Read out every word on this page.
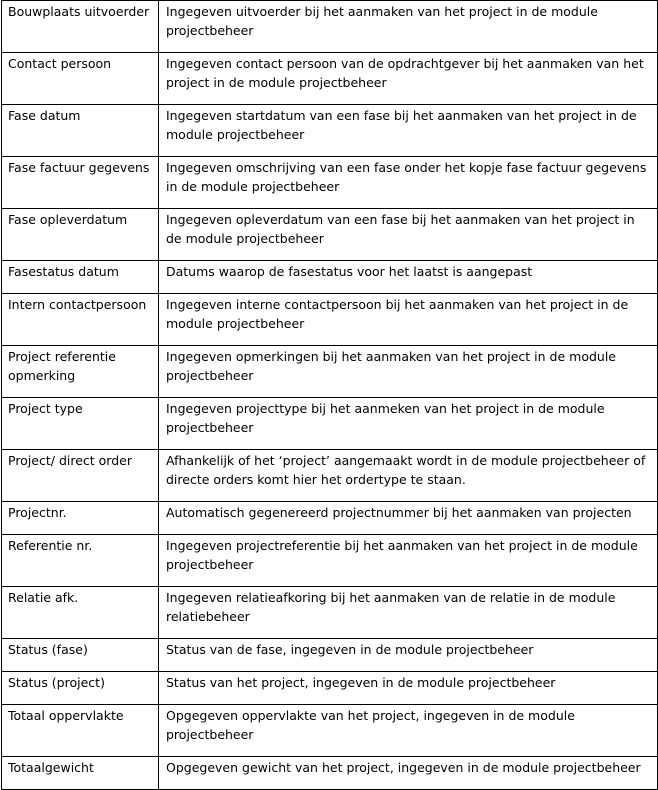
Bouwplaats uitvoerder	Ingegeven uitvoerder bij het aanmaken van het project in de module projectbeheer
Contact persoon	Ingegeven contact persoon van de opdrachtgever bij het aanmaken van het project in de module projectbeheer
Fase datum	Ingegeven startdatum van een fase bij het aanmaken van het project in de module projectbeheer
Fase factuur gegevens	Ingegeven omschrijving van een fase onder het kopje fase factuur gegevens in de module projectbeheer
Fase opleverdatum	Ingegeven opleverdatum van een fase bij het aanmaken van het project in de module projectbeheer
Fasestatus datum	Datums waarop de fasestatus voor het laatst is aangepast
Intern contactpersoon	Ingegeven interne contactpersoon bij het aanmaken van het project in de module projectbeheer
Project referentie opmerking	Ingegeven opmerkingen bij het aanmaken van het project in de module projectbeheer
Project type	Ingegeven projecttype bij het aanmeken van het project in de module projectbeheer
Project/ direct order	Afhankelijk of het ‘project’ aangemaakt wordt in de module projectbeheer of directe orders komt hier het ordertype te staan.
Projectnr.	Automatisch gegenereerd projectnummer bij het aanmaken van projecten
Referentie nr.	Ingegeven projectreferentie bij het aanmaken van het project in de module projectbeheer
Relatie afk.	Ingegeven relatieafkoring bij het aanmaken van de relatie in de module relatiebeheer
Status (fase)	Status van de fase, ingegeven in de module projectbeheer
Status (project)	Status van het project, ingegeven in de module projectbeheer
Totaal oppervlakte	Opgegeven oppervlakte van het project, ingegeven in de module projectbeheer
Totaalgewicht	Opgegeven gewicht van het project, ingegeven in de module projectbeheer
